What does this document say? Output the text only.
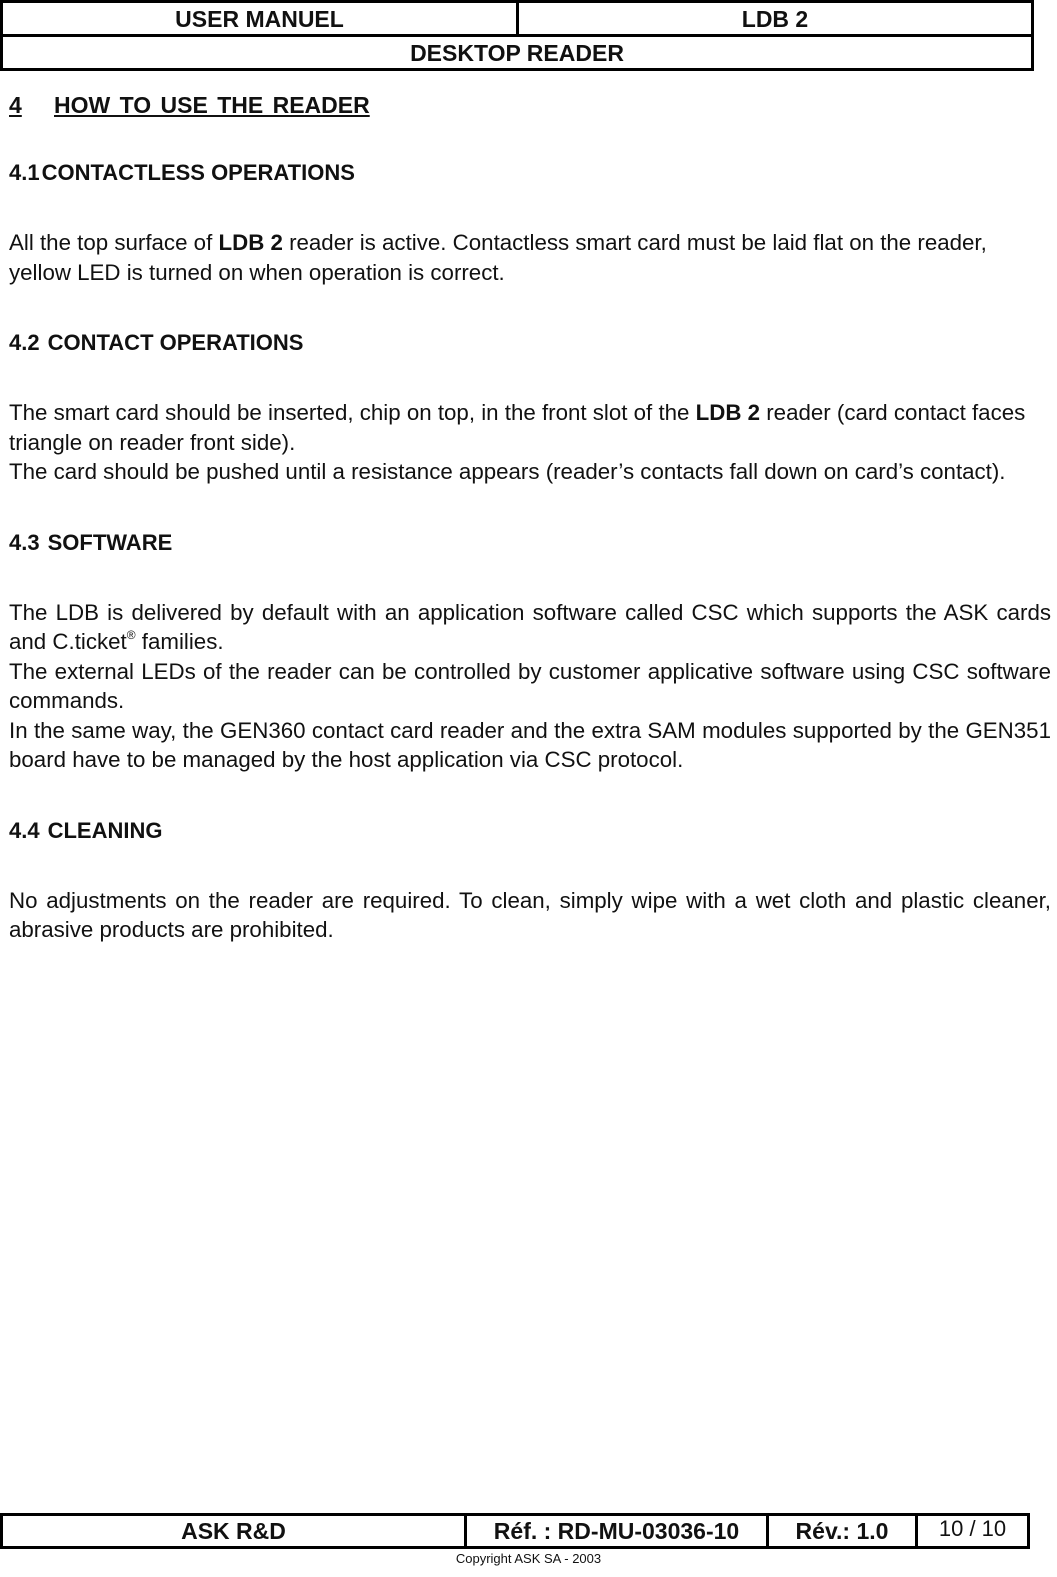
USER MANUEL	LDB 2
DESKTOP READER
4 HOW TO USE THE READER
4.1CONTACTLESS OPERATIONS

All the top surface of LDB 2 reader is active. Contactless smart card must be laid flat on the reader, yellow LED is turned on when operation is correct.

4.2 CONTACT OPERATIONS

The smart card should be inserted, chip on top, in the front slot of the LDB 2 reader (card contact faces triangle on reader front side).

The card should be pushed until a resistance appears (reader’s contacts fall down on card’s contact).

4.3 SOFTWARE

The LDB is delivered by default with an application software called CSC which supports the ASK cards and C.ticket® families.

The external LEDs of the reader can be controlled by customer applicative software using CSC software commands.

In the same way, the GEN360 contact card reader and the extra SAM modules supported by the GEN351 board have to be managed by the host application via CSC protocol.

4.4 CLEANING

No adjustments on the reader are required. To clean, simply wipe with a wet cloth and plastic cleaner, abrasive products are prohibited.

ASK R&D	Réf. : RD-MU-03036-10	Rév.: 1.0	10 / 10
Copyright ASK SA - 2003
